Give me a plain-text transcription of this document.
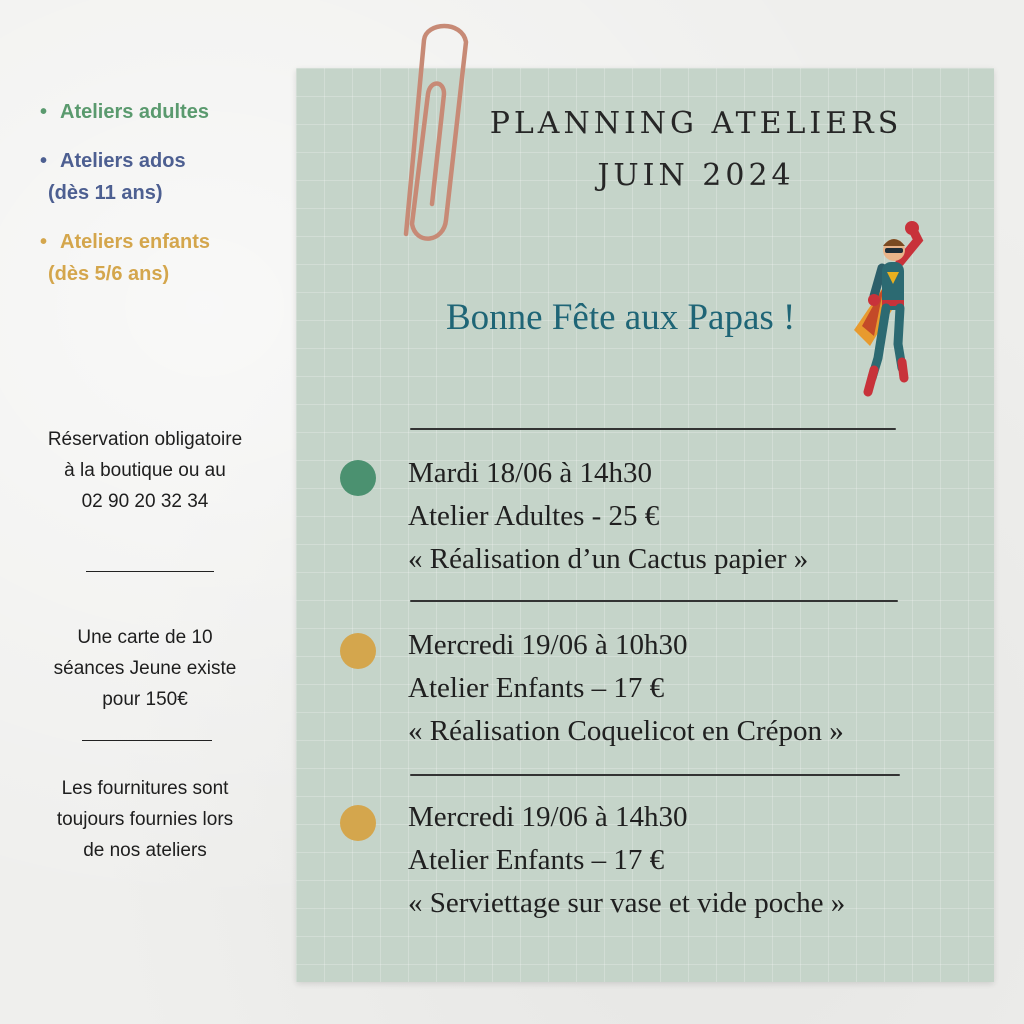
• Ateliers adultes
• Ateliers ados
(dès 11 ans)
• Ateliers enfants
(dès 5/6 ans)
Réservation obligatoire
à la boutique ou au
02 90 20 32 34
Une carte de 10
séances Jeune existe
pour 150€
Les fournitures sont
toujours fournies lors
de nos ateliers
PLANNING ATELIERS
JUIN 2024
Bonne Fête aux Papas !
Mardi 18/06 à 14h30
Atelier Adultes - 25 €
« Réalisation d’un Cactus papier »
Mercredi 19/06 à 10h30
Atelier Enfants – 17 €
« Réalisation Coquelicot en Crépon »
Mercredi 19/06 à 14h30
Atelier Enfants – 17 €
« Serviettage sur vase et vide poche »
